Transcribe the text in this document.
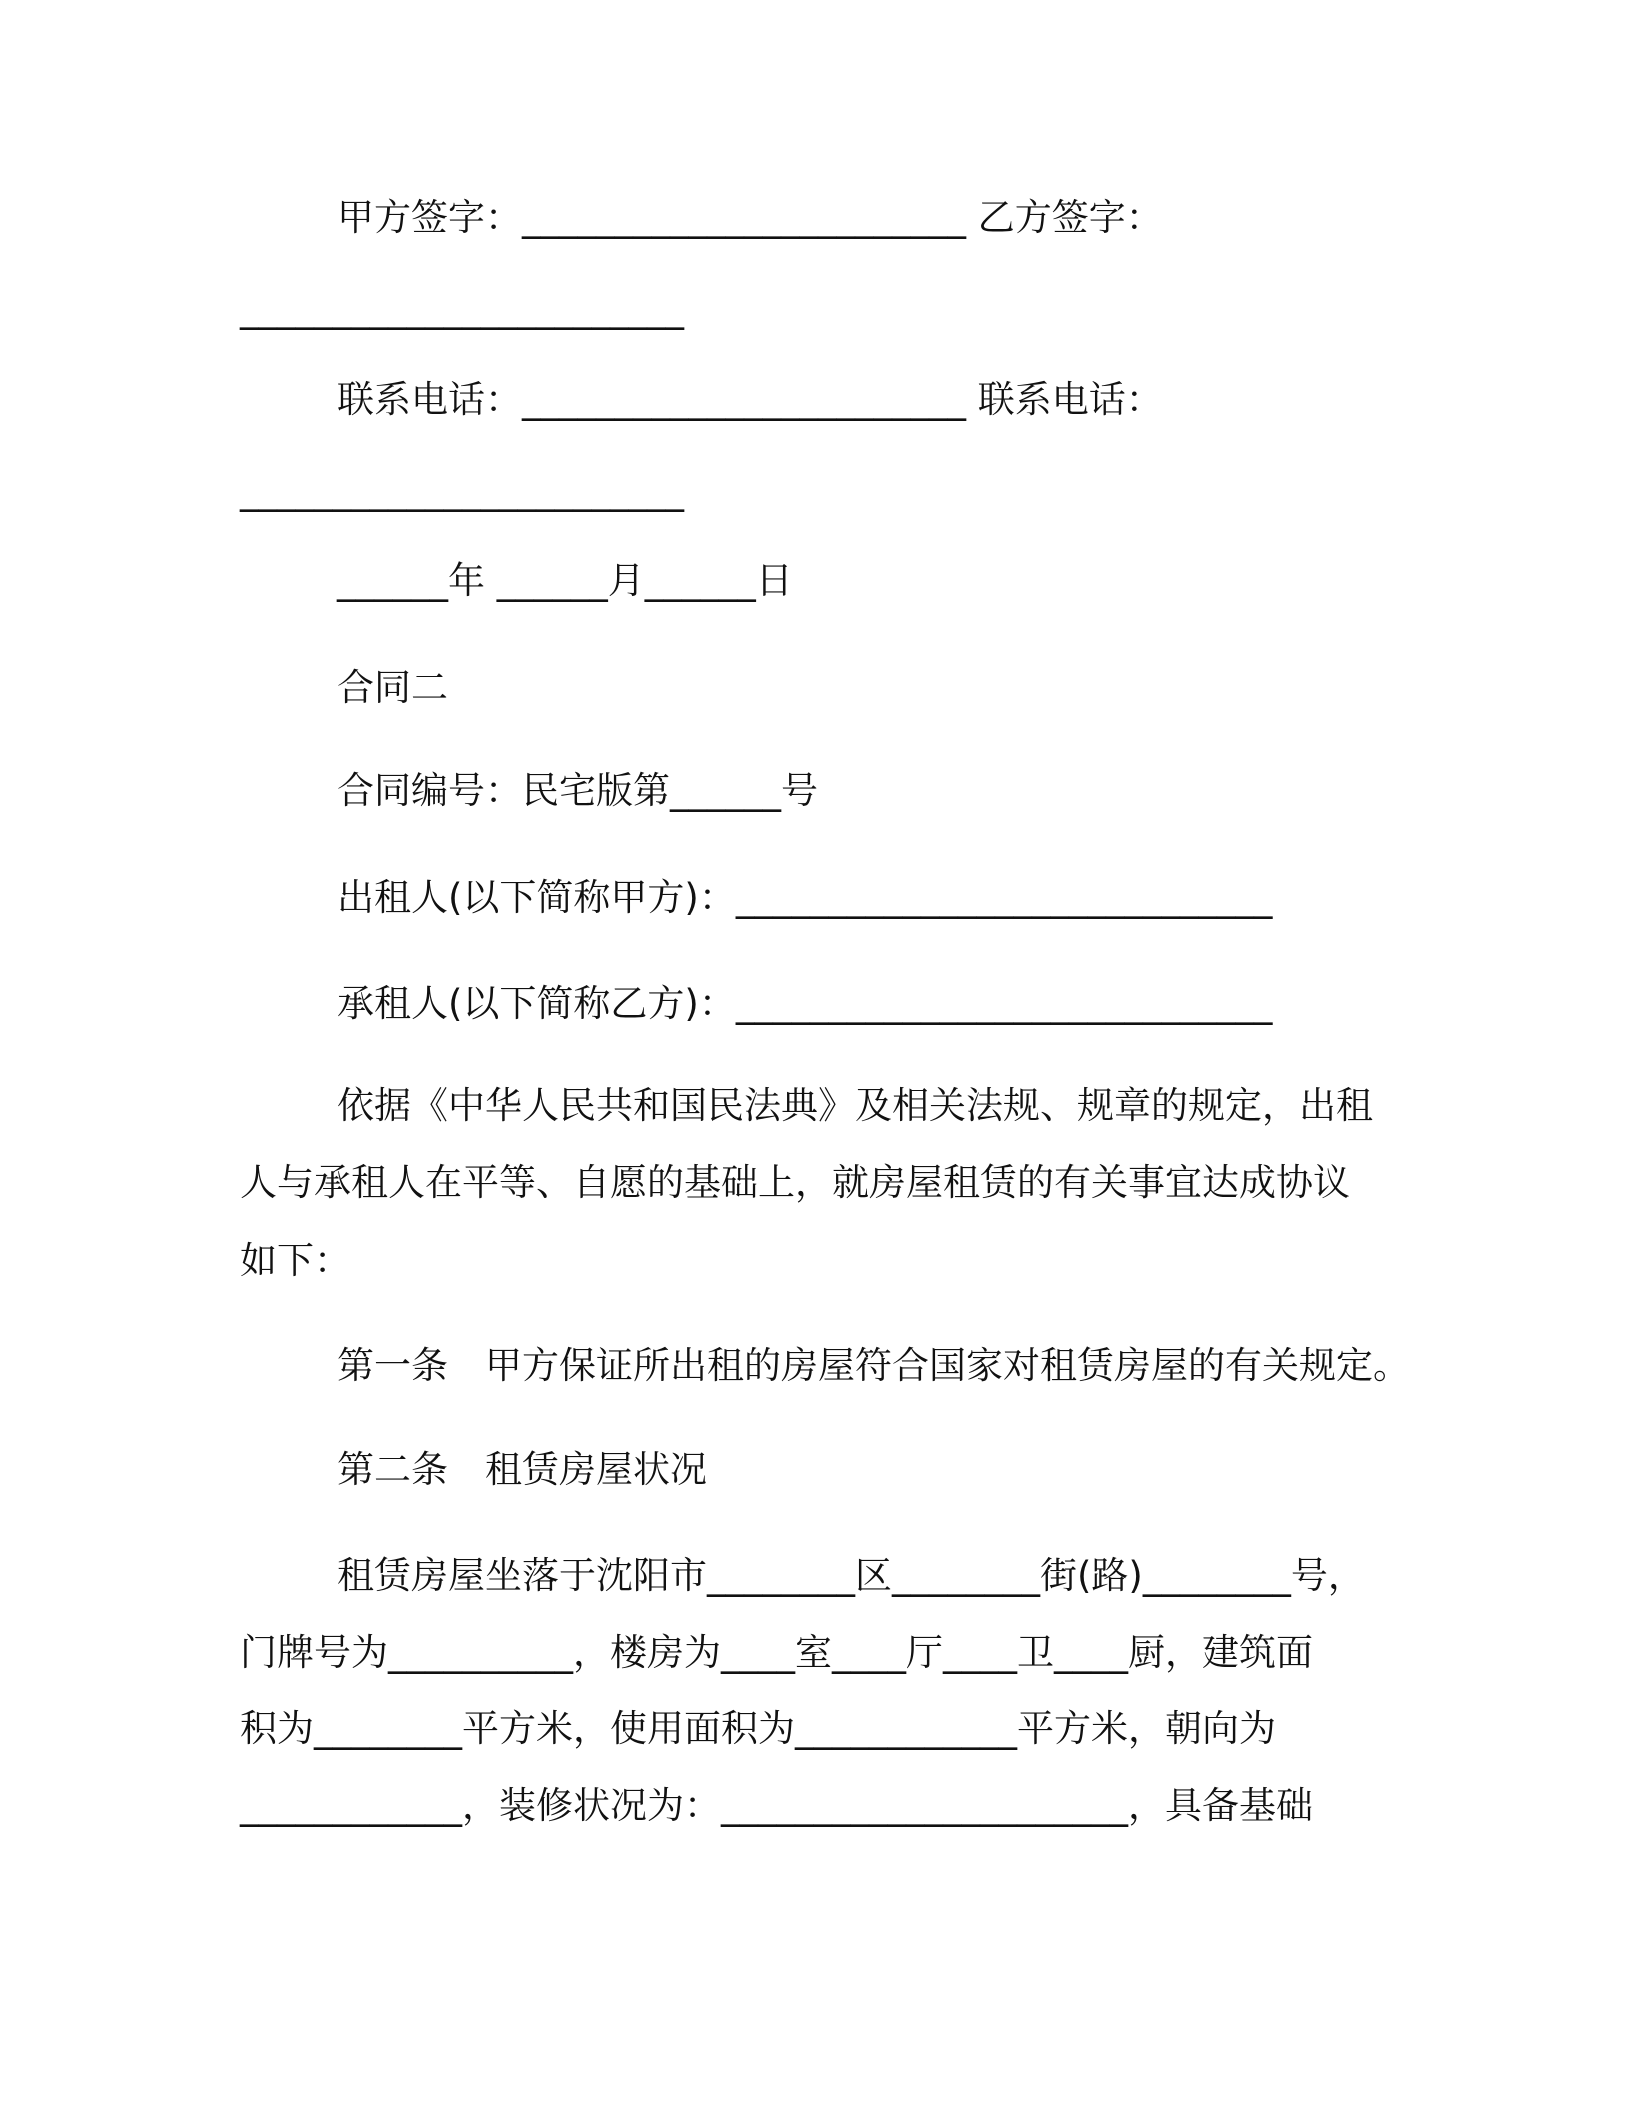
甲方签字：________________________ 乙方签字：
________________________
联系电话：________________________ 联系电话：
________________________
______年 ______月______日
合同二
合同编号：民宅版第______号
出租人(以下简称甲方)：_____________________________
承租人(以下简称乙方)：_____________________________
依据《中华人民共和国民法典》及相关法规、规章的规定，出租
人与承租人在平等、自愿的基础上，就房屋租赁的有关事宜达成协议
如下：
第一条　甲方保证所出租的房屋符合国家对租赁房屋的有关规定。
第二条　租赁房屋状况
租赁房屋坐落于沈阳市________区________街(路)________号，
门牌号为__________，楼房为____室____厅____卫____厨，建筑面
积为________平方米，使用面积为____________平方米，朝向为
____________，装修状况为：______________________，具备基础
